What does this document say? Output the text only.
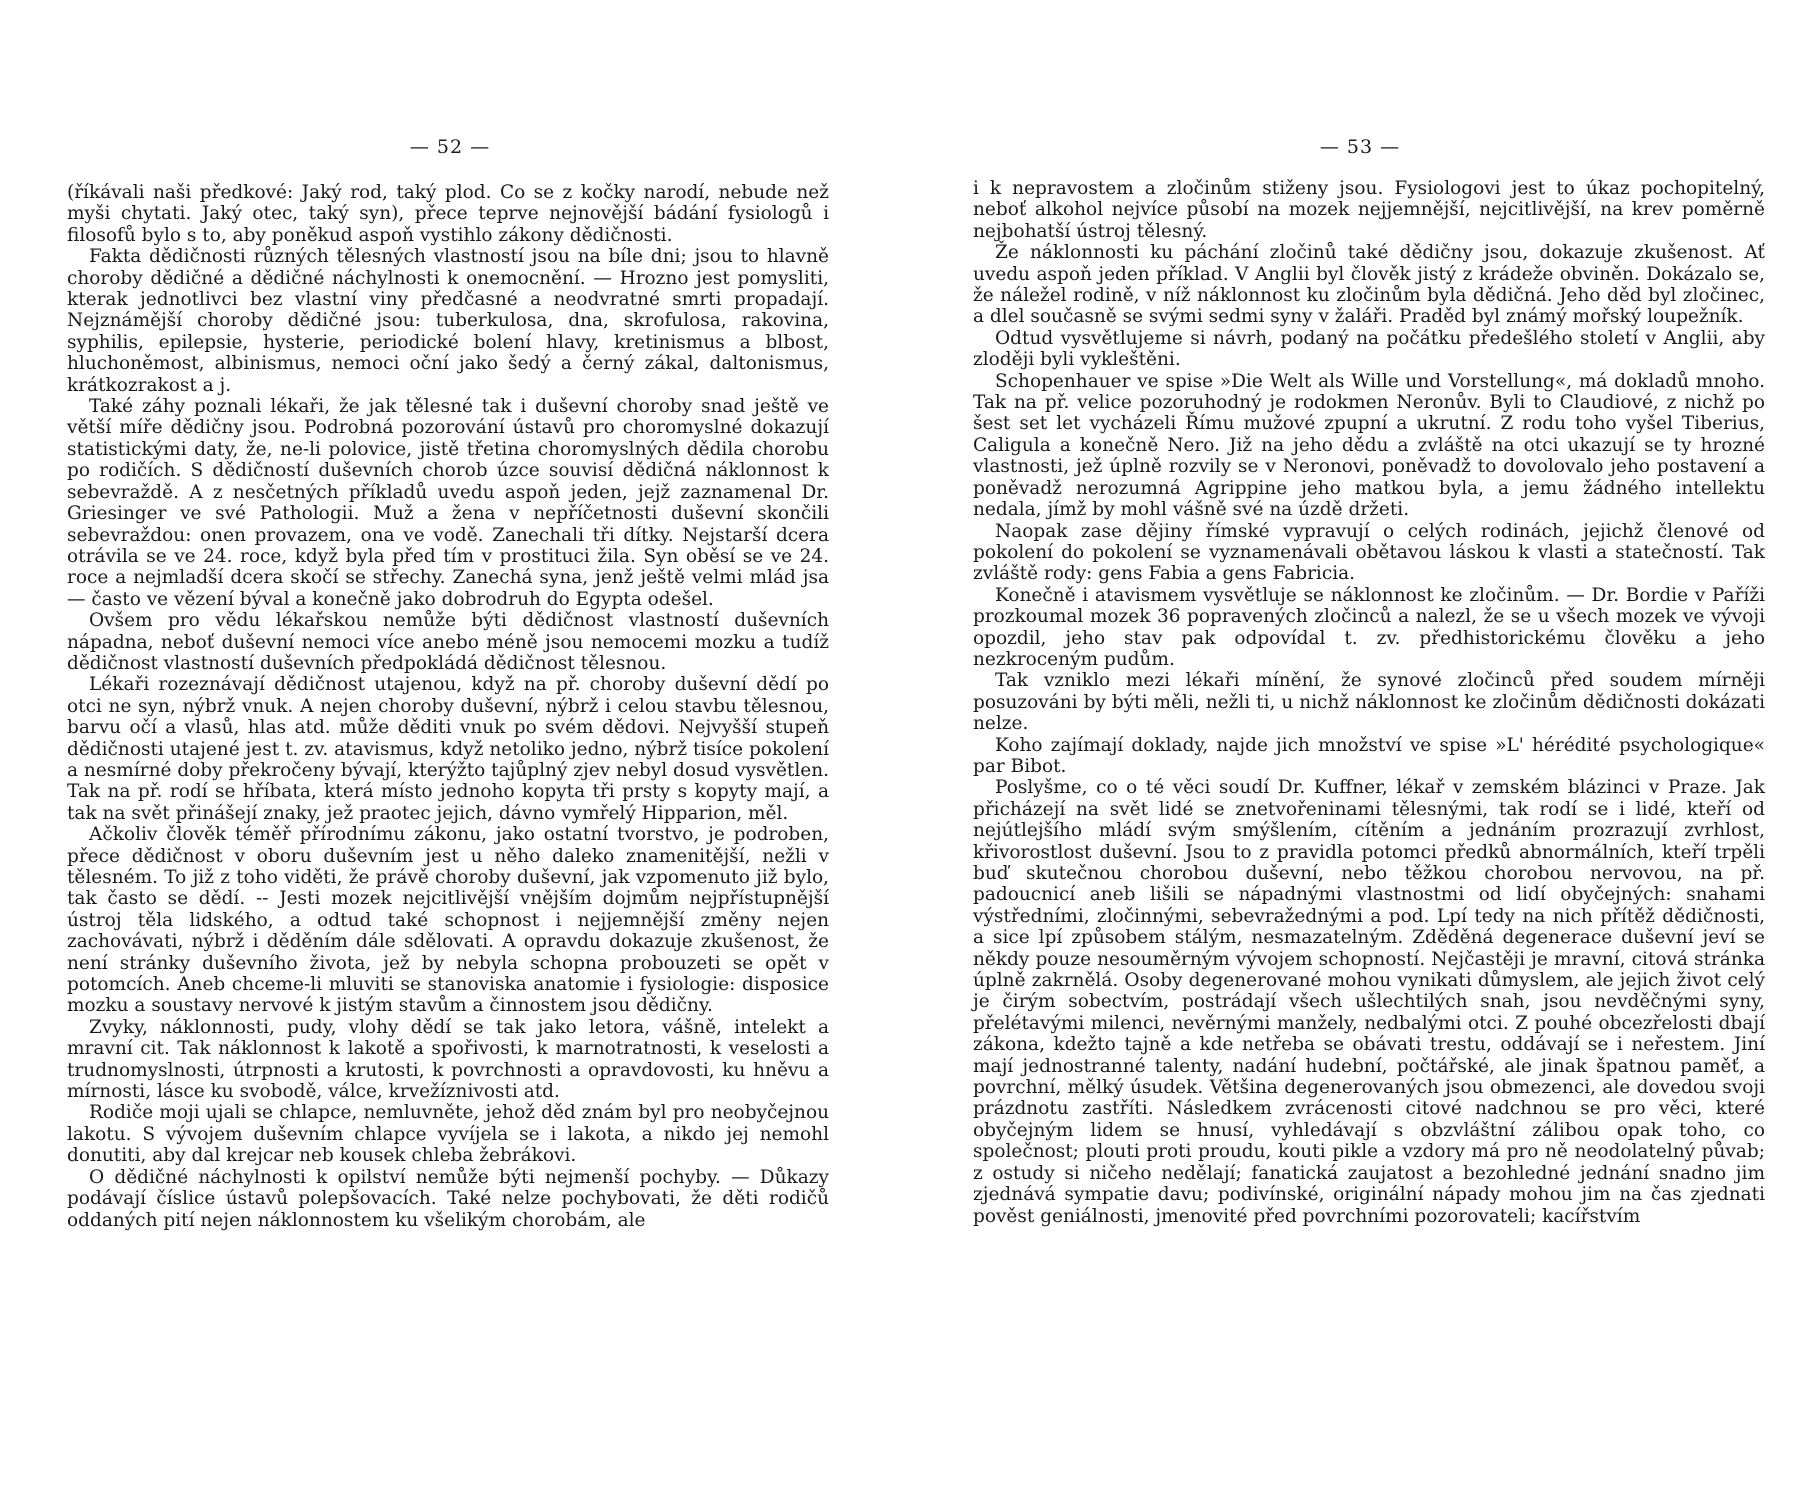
— 52 —

(říkávali naši předkové: Jaký rod, taký plod. Co se z kočky narodí, nebude než myši chytati. Jaký otec, taký syn), přece teprve nejnovější bádání fysiologů i filosofů bylo s to, aby poněkud aspoň vystihlo zákony dědičnosti.

Fakta dědičnosti různých tělesných vlastností jsou na bíle dni; jsou to hlavně choroby dědičné a dědičné náchylnosti k onemocnění. — Hrozno jest pomysliti, kterak jednotlivci bez vlastní viny předčasné a neodvratné smrti propadají. Nejznámější choroby dědičné jsou: tuberkulosa, dna, skrofulosa, rakovina, syphilis, epilepsie, hysterie, periodické bolení hlavy, kretinismus a blbost, hluchoněmost, albinismus, nemoci oční jako šedý a černý zákal, daltonismus, krátkozrakost a j.

Také záhy poznali lékaři, že jak tělesné tak i duševní choroby snad ještě ve větší míře dědičny jsou. Podrobná pozorování ústavů pro choromyslné dokazují statistickými daty, že, ne-li polovice, jistě třetina choromyslných dědila chorobu po rodičích. S dědičností duševních chorob úzce souvisí dědičná náklonnost k sebevraždě. A z nesčetných příkladů uvedu aspoň jeden, jejž zaznamenal Dr. Griesinger ve své Pathologii. Muž a žena v nepříčetnosti duševní skončili sebevraždou: onen provazem, ona ve vodě. Zanechali tři dítky. Nejstarší dcera otrávila se ve 24. roce, když byla před tím v prostituci žila. Syn oběsí se ve 24. roce a nejmladší dcera skočí se střechy. Zanechá syna, jenž ještě velmi mlád jsa — často ve vězení býval a konečně jako dobrodruh do Egypta odešel.

Ovšem pro vědu lékařskou nemůže býti dědičnost vlastností duševních nápadna, neboť duševní nemoci více anebo méně jsou nemocemi mozku a tudíž dědičnost vlastností duševních předpokládá dědičnost tělesnou.

Lékaři rozeznávají dědičnost utajenou, když na př. choroby duševní dědí po otci ne syn, nýbrž vnuk. A nejen choroby duševní, nýbrž i celou stavbu tělesnou, barvu očí a vlasů, hlas atd. může děditi vnuk po svém dědovi. Nejvyšší stupeň dědičnosti utajené jest t. zv. atavismus, když netoliko jedno, nýbrž tisíce pokolení a nesmírné doby překročeny bývají, kterýžto tajůplný zjev nebyl dosud vysvětlen. Tak na př. rodí se hříbata, která místo jednoho kopyta tři prsty s kopyty mají, a tak na svět přinášejí znaky, jež praotec jejich, dávno vymřelý Hipparion, měl.

Ačkoliv člověk téměř přírodnímu zákonu, jako ostatní tvorstvo, je podroben, přece dědičnost v oboru duševním jest u něho daleko znamenitější, nežli v tělesném. To již z toho viděti, že právě choroby duševní, jak vzpomenuto již bylo, tak často se dědí. -- Jesti mozek nejcitlivější vnějším dojmům nejpřístupnější ústroj těla lidského, a odtud také schopnost i nejjemnější změny nejen zachovávati, nýbrž i děděním dále sdělovati. A opravdu dokazuje zkušenost, že není stránky duševního života, jež by nebyla schopna probouzeti se opět v potomcích. Aneb chceme-li mluviti se stanoviska anatomie i fysiologie: disposice mozku a soustavy nervové k jistým stavům a činnostem jsou dědičny.

Zvyky, náklonnosti, pudy, vlohy dědí se tak jako letora, vášně, intelekt a mravní cit. Tak náklonnost k lakotě a spořivosti, k marnotratnosti, k veselosti a trudnomyslnosti, útrpnosti a krutosti, k povrchnosti a opravdovosti, ku hněvu a mírnosti, lásce ku svobodě, válce, krvežíznivosti atd.

Rodiče moji ujali se chlapce, nemluvněte, jehož děd znám byl pro neobyčejnou lakotu. S vývojem duševním chlapce vyvíjela se i lakota, a nikdo jej nemohl donutiti, aby dal krejcar neb kousek chleba žebrákovi.

O dědičné náchylnosti k opilství nemůže býti nejmenší pochyby. — Důkazy podávají číslice ústavů polepšovacích. Také nelze pochybovati, že děti rodičů oddaných pití nejen náklonnostem ku všelikým chorobám, ale

— 53 —

i k nepravostem a zločinům stiženy jsou. Fysiologovi jest to úkaz pochopitelný, neboť alkohol nejvíce působí na mozek nejjemnější, nejcitlivější, na krev poměrně nejbohatší ústroj tělesný.

Že náklonnosti ku páchání zločinů také dědičny jsou, dokazuje zkušenost. Ať uvedu aspoň jeden příklad. V Anglii byl člověk jistý z krádeže obviněn. Dokázalo se, že náležel rodině, v níž náklonnost ku zločinům byla dědičná. Jeho děd byl zločinec, a dlel současně se svými sedmi syny v žaláři. Praděd byl známý mořský loupežník.

Odtud vysvětlujeme si návrh, podaný na počátku předešlého století v Anglii, aby zloději byli vykleštěni.

Schopenhauer ve spise »Die Welt als Wille und Vorstellung«, má dokladů mnoho. Tak na př. velice pozoruhodný je rodokmen Neronův. Byli to Claudiové, z nichž po šest set let vycházeli Římu mužové zpupní a ukrutní. Z rodu toho vyšel Tiberius, Caligula a konečně Nero. Již na jeho dědu a zvláště na otci ukazují se ty hrozné vlastnosti, jež úplně rozvily se v Neronovi, poněvadž to dovolovalo jeho postavení a poněvadž nerozumná Agrippine jeho matkou byla, a jemu žádného intellektu nedala, jímž by mohl vášně své na úzdě držeti.

Naopak zase dějiny římské vypravují o celých rodinách, jejichž členové od pokolení do pokolení se vyznamenávali obětavou láskou k vlasti a statečností. Tak zvláště rody: gens Fabia a gens Fabricia.

Konečně i atavismem vysvětluje se náklonnost ke zločinům. — Dr. Bordie v Paříži prozkoumal mozek 36 popravených zločinců a nalezl, že se u všech mozek ve vývoji opozdil, jeho stav pak odpovídal t. zv. předhistorickému člověku a jeho nezkroceným pudům.

Tak vzniklo mezi lékaři mínění, že synové zločinců před soudem mírněji posuzováni by býti měli, nežli ti, u nichž náklonnost ke zločinům dědičnosti dokázati nelze.

Koho zajímají doklady, najde jich množství ve spise »L' hérédité psychologique« par Bibot.

Poslyšme, co o té věci soudí Dr. Kuffner, lékař v zemském blázinci v Praze. Jak přicházejí na svět lidé se znetvořeninami tělesnými, tak rodí se i lidé, kteří od nejútlejšího mládí svým smýšlením, cítěním a jednáním prozrazují zvrhlost, křivorostlost duševní. Jsou to z pravidla potomci předků abnormálních, kteří trpěli buď skutečnou chorobou duševní, nebo těžkou chorobou nervovou, na př. padoucnicí aneb lišili se nápadnými vlastnostmi od lidí obyčejných: snahami výstředními, zločinnými, sebevražednými a pod. Lpí tedy na nich přítěž dědičnosti, a sice lpí způsobem stálým, nesmazatelným. Zděděná degenerace duševní jeví se někdy pouze nesouměrným vývojem schopností. Nejčastěji je mravní, citová stránka úplně zakrnělá. Osoby degenerované mohou vynikati důmyslem, ale jejich život celý je čirým sobectvím, postrádají všech ušlechtilých snah, jsou nevděčnými syny, přelétavými milenci, nevěrnými manžely, nedbalými otci. Z pouhé obcezřelosti dbají zákona, kdežto tajně a kde netřeba se obávati trestu, oddávají se i neřestem. Jiní mají jednostranné talenty, nadání hudební, počtářské, ale jinak špatnou paměť, a povrchní, mělký úsudek. Většina degenerovaných jsou obmezenci, ale dovedou svoji prázdnotu zastříti. Následkem zvrácenosti citové nadchnou se pro věci, které obyčejným lidem se hnusí, vyhledávají s obzvláštní zálibou opak toho, co společnost; plouti proti proudu, kouti pikle a vzdory má pro ně neodolatelný půvab; z ostudy si ničeho nedělají; fanatická zaujatost a bezohledné jednání snadno jim zjednává sympatie davu; podivínské, originální nápady mohou jim na čas zjednati pověst geniálnosti, jmenovité před povrchními pozorovateli; kacířstvím
